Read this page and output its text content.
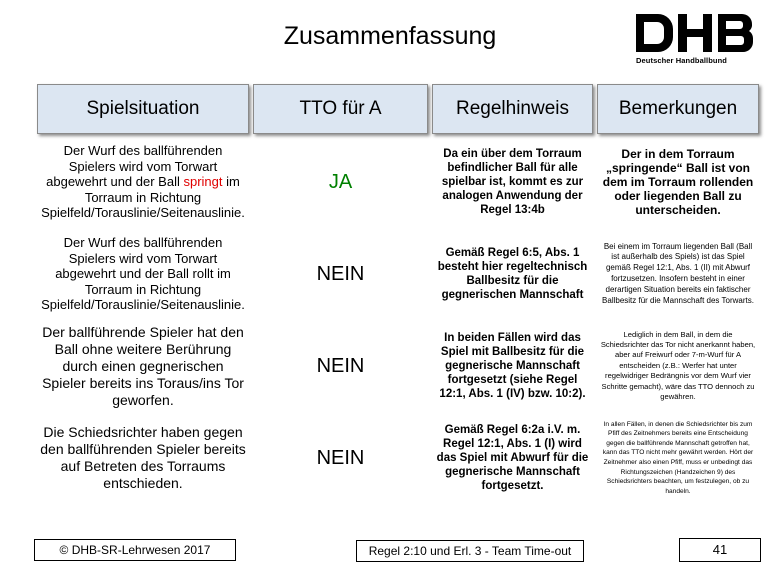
Zusammenfassung
Deutscher Handballbund
Spielsituation	TTO für A	Regelhinweis	Bemerkungen
Der Wurf des ballführenden Spielers wird vom Torwart abgewehrt und der Ball springt im Torraum in Richtung Spielfeld/Torauslinie/Seitenauslinie.	JA	Da ein über dem Torraum befindlicher Ball für alle spielbar ist, kommt es zur analogen Anwendung der Regel 13:4b	Der in dem Torraum „springende“ Ball ist von dem im Torraum rollenden oder liegenden Ball zu unterscheiden.
Der Wurf des ballführenden Spielers wird vom Torwart abgewehrt und der Ball rollt im Torraum in Richtung Spielfeld/Torauslinie/Seitenauslinie.	NEIN	Gemäß Regel 6:5, Abs. 1 besteht hier regeltechnisch Ballbesitz für die gegnerischen Mannschaft	Bei einem im Torraum liegenden Ball (Ball ist außerhalb des Spiels) ist das Spiel gemäß Regel 12:1, Abs. 1 (II) mit Abwurf fortzusetzen. Insofern besteht in einer derartigen Situation bereits ein faktischer Ballbesitz für die Mannschaft des Torwarts.
Der ballführende Spieler hat den Ball ohne weitere Berührung durch einen gegnerischen Spieler bereits ins Toraus/ins Tor geworfen.	NEIN	In beiden Fällen wird das Spiel mit Ballbesitz für die gegnerische Mannschaft fortgesetzt (siehe Regel 12:1, Abs. 1 (IV) bzw. 10:2).	Lediglich in dem Ball, in dem die Schiedsrichter das Tor nicht anerkannt haben, aber auf Freiwurf oder 7-m-Wurf für A entscheiden (z.B.: Werfer hat unter regelwidriger Bedrängnis vor dem Wurf vier Schritte gemacht), wäre das TTO dennoch zu gewähren.
Die Schiedsrichter haben gegen den ballführenden Spieler bereits auf Betreten des Torraums entschieden.	NEIN	Gemäß Regel 6:2a i.V. m. Regel 12:1, Abs. 1 (I) wird das Spiel mit Abwurf für die gegnerische Mannschaft fortgesetzt.	In allen Fällen, in denen die Schiedsrichter bis zum Pfiff des Zeitnehmers bereits eine Entscheidung gegen die ballführende Mannschaft getroffen hat, kann das TTO nicht mehr gewährt werden. Hört der Zeitnehmer also einen Pfiff, muss er unbedingt das Richtungszeichen (Handzeichen 9) des Schiedsrichters beachten, um festzulegen, ob zu handeln.
© DHB-SR-Lehrwesen 2017	Regel 2:10 und Erl. 3 - Team Time-out	41
